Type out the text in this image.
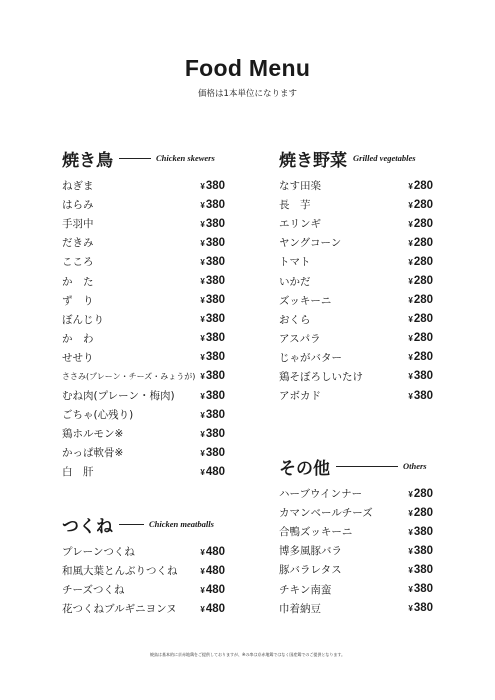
Food Menu
価格は1本単位になります
焼き鳥	Chicken skewers
ねぎま	¥380
はらみ	¥380
手羽中	¥380
だきみ	¥380
こころ	¥380
か　た	¥380
ず　り	¥380
ぼんじり	¥380
か　わ	¥380
せせり	¥380
ささみ(プレーン・チーズ・みょうが) ¥380
むね肉(プレーン・梅肉)	¥380
ごちゃ(心残り)	¥380
鶏ホルモン※	¥380
かっぱ軟骨※	¥380
白　肝	¥480
つくね	Chicken meatballs
プレーンつくね	¥480
和風大葉とんぶりつくね	¥480
チーズつくね	¥480
花つくねブルギニヨンヌ	¥480
焼き野菜 Grilled vegetables
なす田楽	¥280
長　芋	¥280
エリンギ	¥280
ヤングコーン	¥280
トマト	¥280
いかだ	¥280
ズッキーニ	¥280
おくら	¥280
アスパラ	¥280
じゃがバター	¥280
鶏そぼろしいたけ	¥380
アボカド	¥380
その他	Others
ハーブウインナー	¥280
カマンベールチーズ	¥280
合鴨ズッキーニ	¥380
博多風豚バラ	¥380
豚バラレタス	¥380
チキン南蛮	¥380
巾着納豆	¥380
焼鳥は基本的に京赤地鶏をご提供しておりますが、※の串は京赤地鶏ではなく国産鶏でのご提供となります。
